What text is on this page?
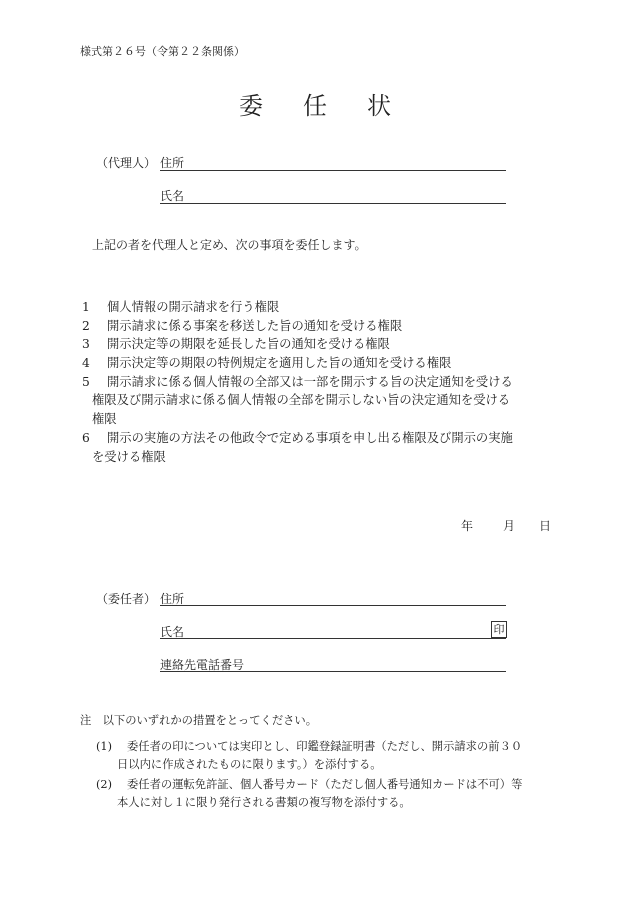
様式第２６号（令第２２条関係）
委任状
（代理人） 住所
氏名
上記の者を代理人と定め、次の事項を委任します。
1 個人情報の開示請求を行う権限
2 開示請求に係る事案を移送した旨の通知を受ける権限
3 開示決定等の期限を延長した旨の通知を受ける権限
4 開示決定等の期限の特例規定を適用した旨の通知を受ける権限
5 開示請求に係る個人情報の全部又は一部を開示する旨の決定通知を受ける
権限及び開示請求に係る個人情報の全部を開示しない旨の決定通知を受ける
権限
6 開示の実施の方法その他政令で定める事項を申し出る権限及び開示の実施
を受ける権限
年 月 日
（委任者） 住所
氏名	印
連絡先電話番号
注　以下のいずれかの措置をとってください。
(1) 委任者の印については実印とし、印鑑登録証明書（ただし、開示請求の前３０
日以内に作成されたものに限ります。）を添付する。
(2) 委任者の運転免許証、個人番号カード（ただし個人番号通知カードは不可）等
本人に対し１に限り発行される書類の複写物を添付する。
